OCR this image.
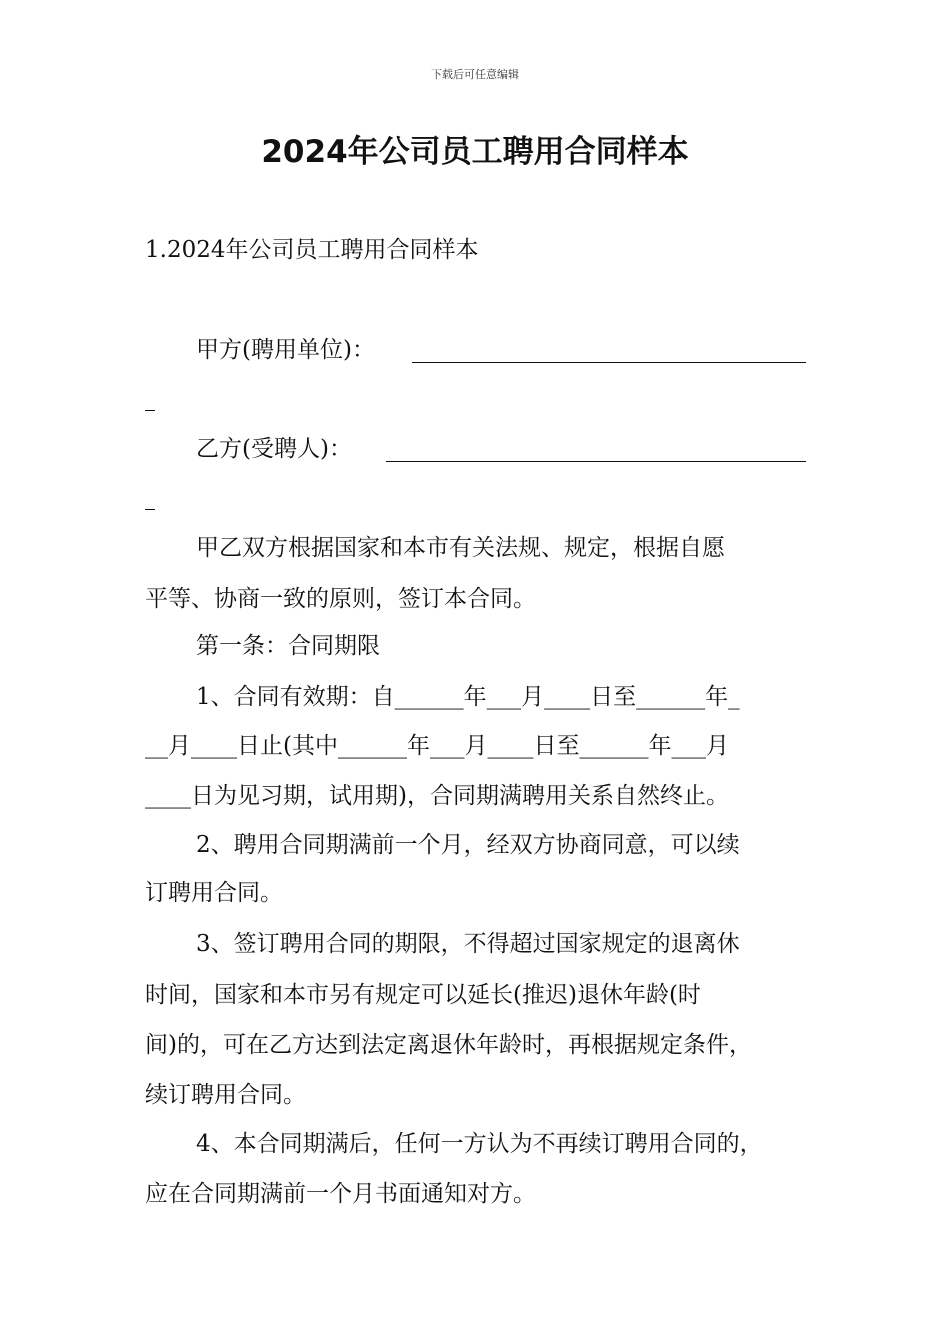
下载后可任意编辑
2024年公司员工聘用合同样本
1.2024年公司员工聘用合同样本
甲方(聘用单位)：
乙方(受聘人)：
甲乙双方根据国家和本市有关法规、规定，根据自愿
平等、协商一致的原则，签订本合同。
第一条：合同期限
1、合同有效期：自______年___月____日至______年_
__月____日止(其中______年___月____日至______年___月
____日为见习期，试用期)，合同期满聘用关系自然终止。
2、聘用合同期满前一个月，经双方协商同意，可以续
订聘用合同。
3、签订聘用合同的期限，不得超过国家规定的退离休
时间，国家和本市另有规定可以延长(推迟)退休年龄(时
间)的，可在乙方达到法定离退休年龄时，再根据规定条件，
续订聘用合同。
4、本合同期满后，任何一方认为不再续订聘用合同的，
应在合同期满前一个月书面通知对方。
